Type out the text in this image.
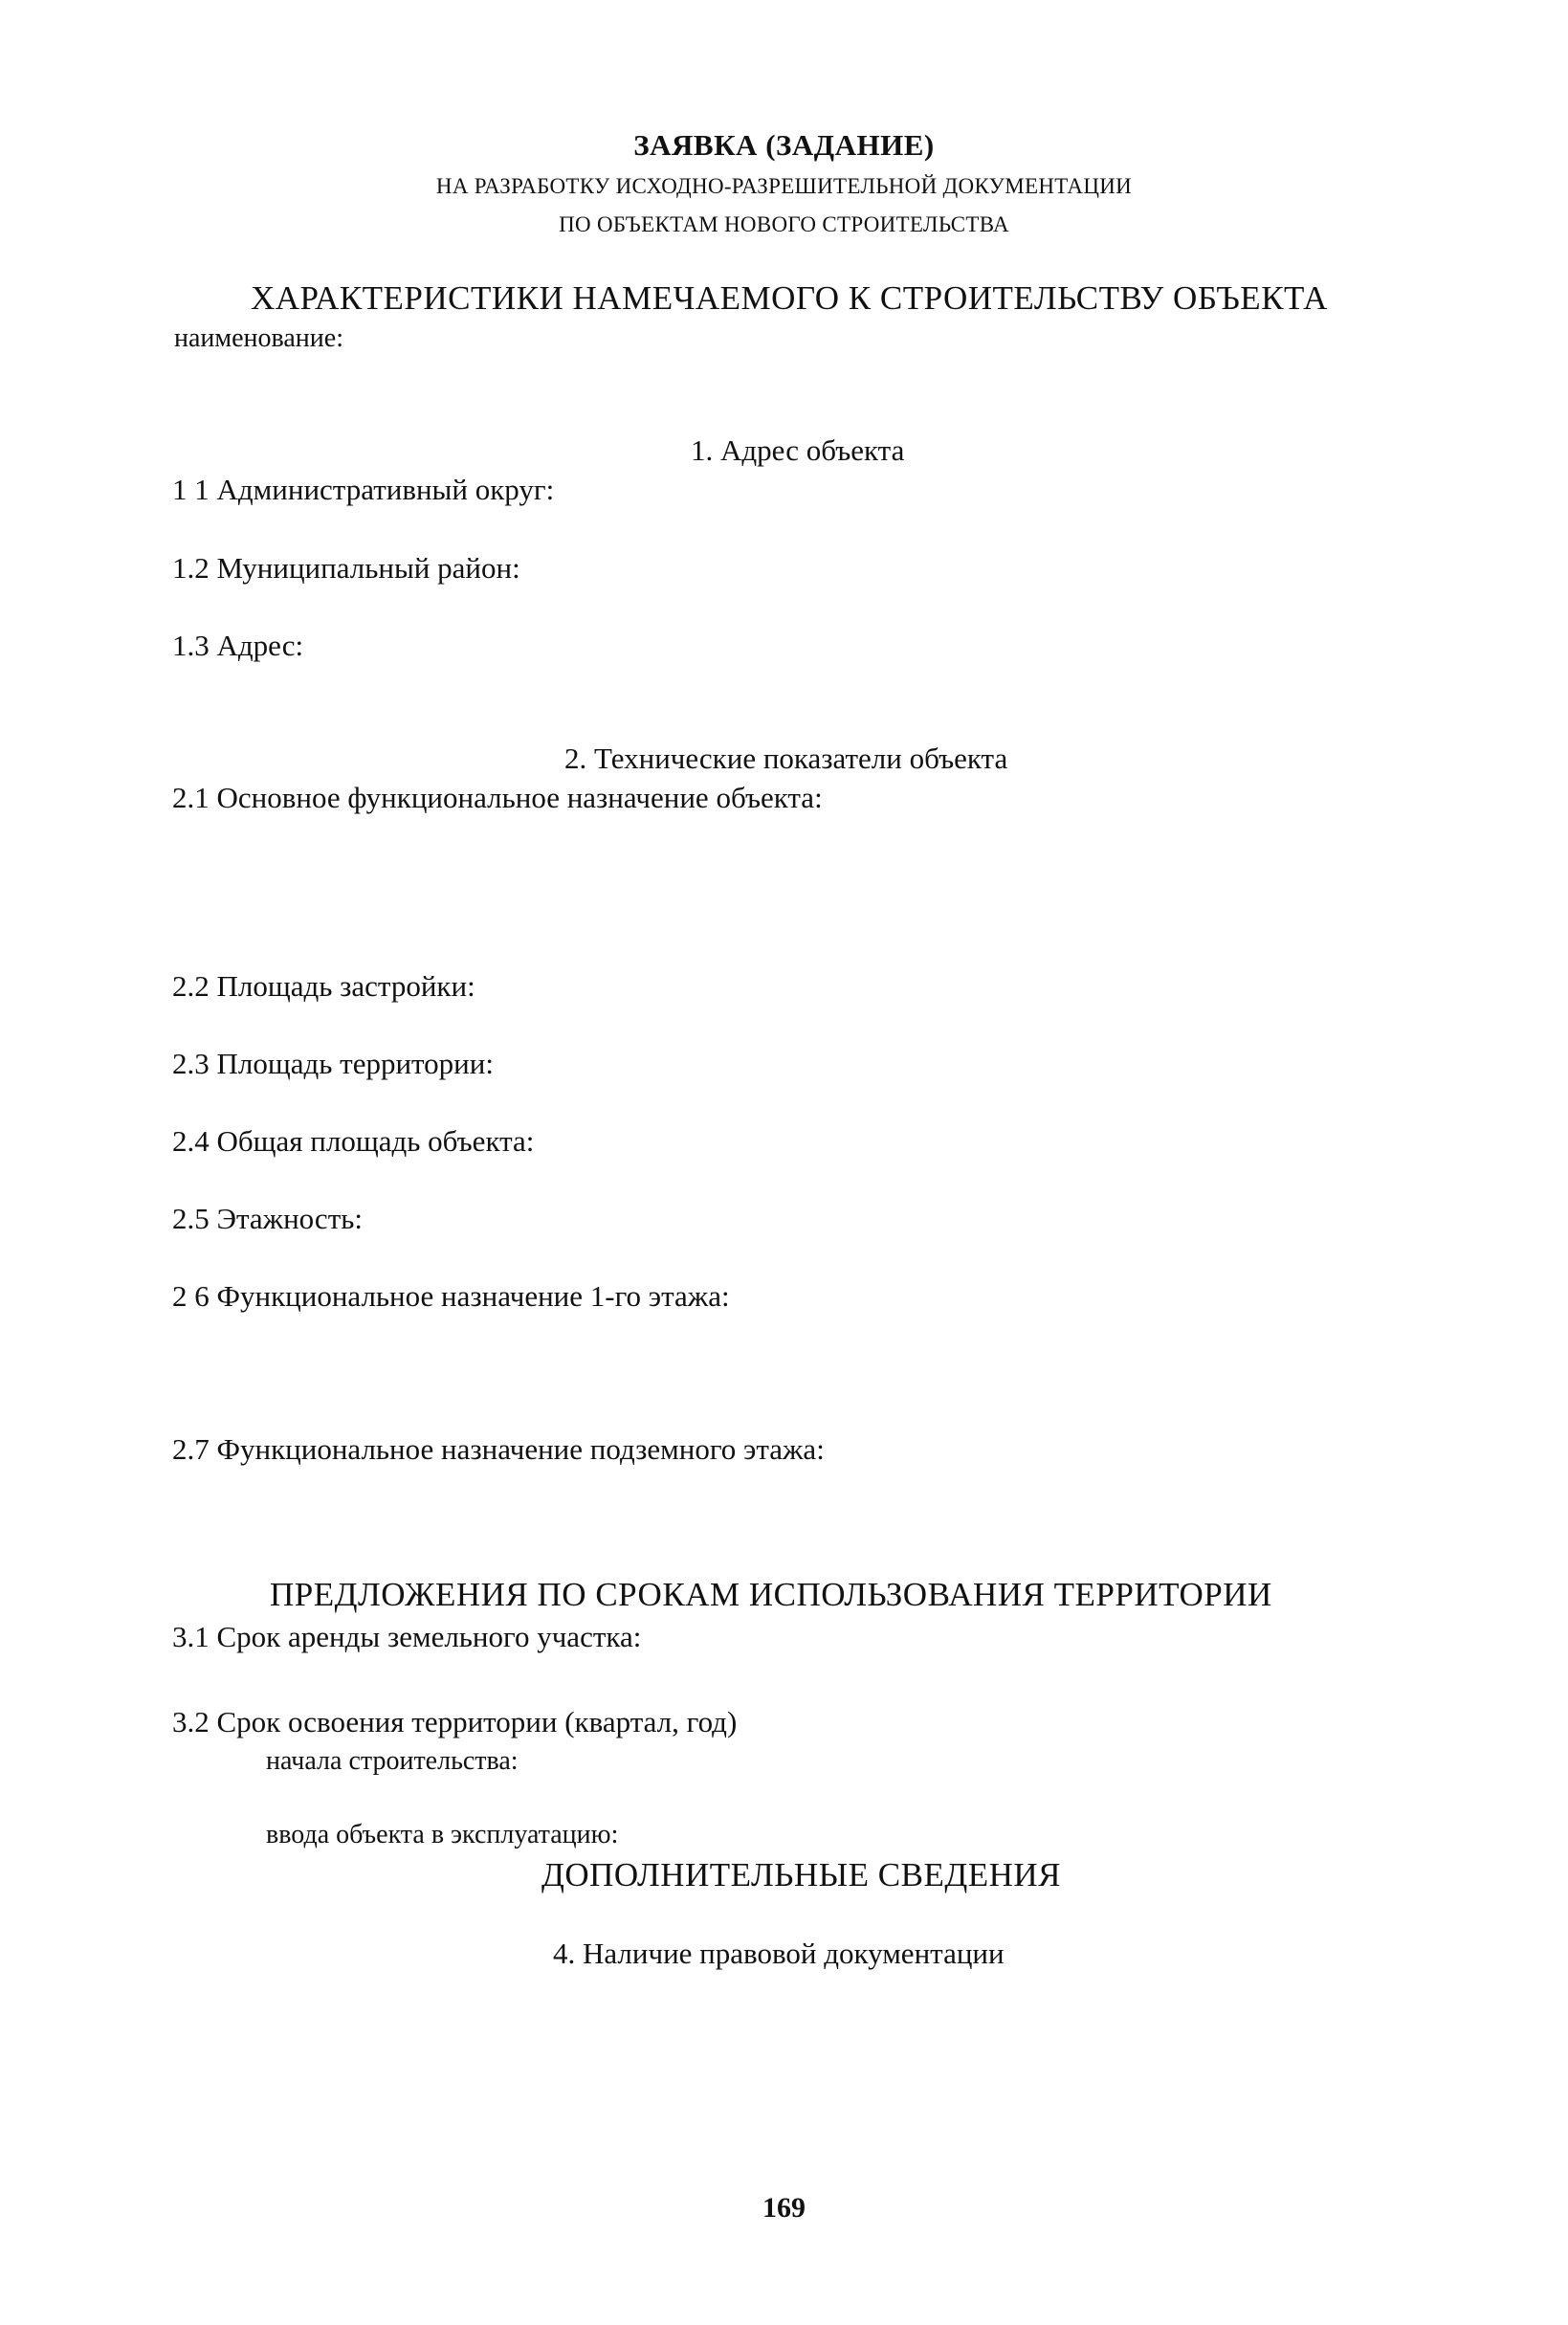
ЗАЯВКА (ЗАДАНИЕ)
НА РАЗРАБОТКУ ИСХОДНО-РАЗРЕШИТЕЛЬНОЙ ДОКУМЕНТАЦИИ
ПО ОБЪЕКТАМ НОВОГО СТРОИТЕЛЬСТВА
ХАРАКТЕРИСТИКИ НАМЕЧАЕМОГО К СТРОИТЕЛЬСТВУ ОБЪЕКТА
наименование:
1. Адрес объекта
1 1 Административный округ:
1.2 Муниципальный район:
1.3 Адрес:
2. Технические показатели объекта
2.1 Основное функциональное назначение объекта:
2.2 Площадь застройки:
2.3 Площадь территории:
2.4 Общая площадь объекта:
2.5 Этажность:
2 6 Функциональное назначение 1-го этажа:
2.7 Функциональное назначение подземного этажа:
ПРЕДЛОЖЕНИЯ ПО СРОКАМ ИСПОЛЬЗОВАНИЯ ТЕРРИТОРИИ
3.1 Срок аренды земельного участка:
3.2 Срок освоения территории (квартал, год)
начала строительства:
ввода объекта в эксплуатацию:
ДОПОЛНИТЕЛЬНЫЕ СВЕДЕНИЯ
4. Наличие правовой документации
169
